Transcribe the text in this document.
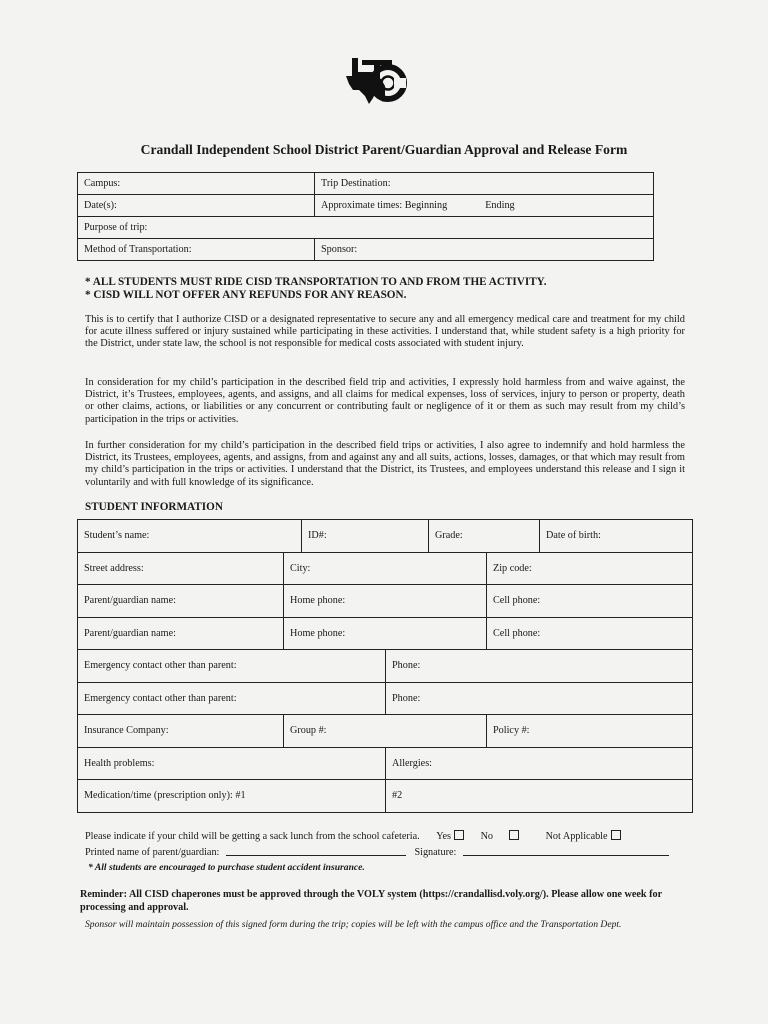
Crandall Independent School District Parent/Guardian Approval and Release Form
Campus:	Trip Destination:
Date(s):	Approximate times: Beginning Ending
Purpose of trip:	
Method of Transportation:	Sponsor:
* ALL STUDENTS MUST RIDE CISD TRANSPORTATION TO AND FROM THE ACTIVITY.
* CISD WILL NOT OFFER ANY REFUNDS FOR ANY REASON.

This is to certify that I authorize CISD or a designated representative to secure any and all emergency medical care and treatment for my child for acute illness suffered or injury sustained while participating in these activities. I understand that, while student safety is a high priority for the District, under state law, the school is not responsible for medical costs associated with student injury.

In consideration for my child’s participation in the described field trip and activities, I expressly hold harmless from and waive against, the District, it’s Trustees, employees, agents, and assigns, and all claims for medical expenses, loss of services, injury to person or property, death or other claims, actions, or liabilities or any concurrent or contributing fault or negligence of it or them as such may result from my child’s participation in the trips or activities.

In further consideration for my child’s participation in the described field trips or activities, I also agree to indemnify and hold harmless the District, its Trustees, employees, agents, and assigns, from and against any and all suits, actions, losses, damages, or that which may result from my child’s participation in the trips or activities. I understand that the District, its Trustees, and employees understand this release and I sign it voluntarily and with full knowledge of its significance.

STUDENT INFORMATION
Student’s name:		ID#:		Grade:		Date of birth:
Street address:	City:				Zip code:	
Parent/guardian name:	Home phone:				Cell phone:	
Parent/guardian name:	Home phone:				Cell phone:	
Emergency contact other than parent:			Phone:			
Emergency contact other than parent:			Phone:			
Insurance Company:	Group #:				Policy #:	
Health problems:			Allergies:			
Medication/time (prescription only): #1			#2			
Please indicate if your child will be getting a sack lunch from the school cafeteria. Yes	No	Not Applicable
Printed name of parent/guardian:	Signature:
* All students are encouraged to purchase student accident insurance.
Reminder: All CISD chaperones must be approved through the VOLY system (https://crandallisd.voly.org/). Please allow one week for processing and approval.
Sponsor will maintain possession of this signed form during the trip; copies will be left with the campus office and the Transportation Dept.
